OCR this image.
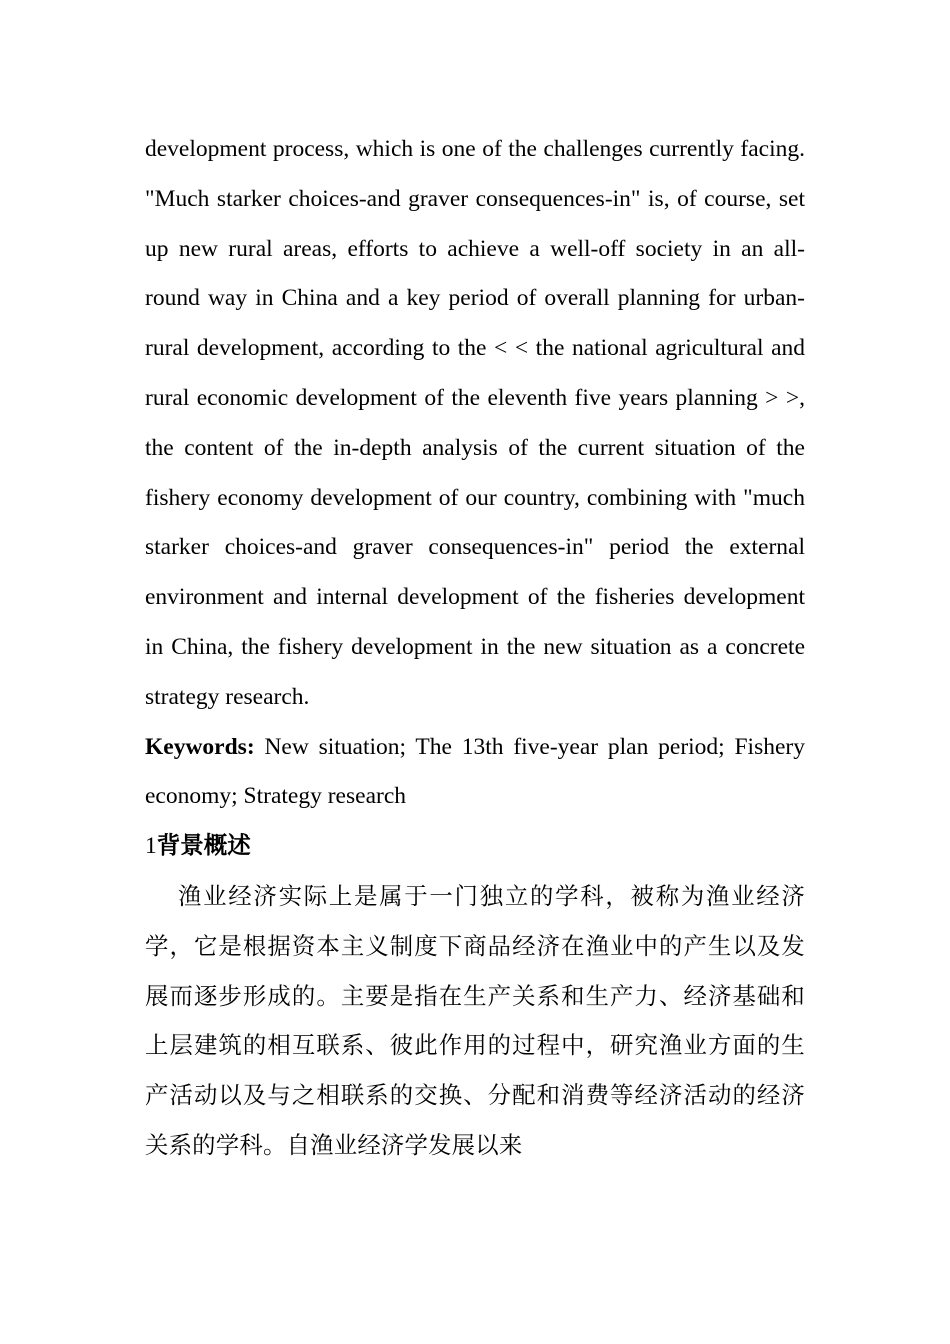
development process, which is one of the challenges currently facing. "Much starker choices-and graver consequences-in" is, of course, set up new rural areas, efforts to achieve a well-off society in an all-round way in China and a key period of overall planning for urban-rural development, according to the < < the national agricultural and rural economic development of the eleventh five years planning > >, the content of the in-depth analysis of the current situation of the fishery economy development of our country, combining with "much starker choices-and graver consequences-in" period the external environment and internal development of the fisheries development in China, the fishery development in the new situation as a concrete strategy research.

Keywords: New situation; The 13th five-year plan period; Fishery economy; Strategy research

1背景概述

渔业经济实际上是属于一门独立的学科，被称为渔业经济学，它是根据资本主义制度下商品经济在渔业中的产生以及发展而逐步形成的。主要是指在生产关系和生产力、经济基础和上层建筑的相互联系、彼此作用的过程中，研究渔业方面的生产活动以及与之相联系的交换、分配和消费等经济活动的经济关系的学科。自渔业经济学发展以来
